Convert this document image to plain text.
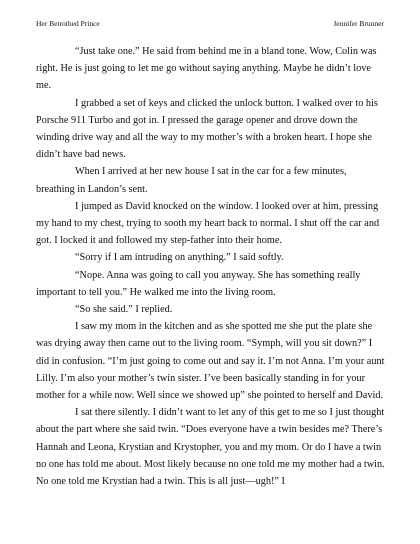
Her Betrothed Prince	Jennifer Brunner

“Just take one.” He said from behind me in a bland tone. Wow, Colin was right. He is just going to let me go without saying anything. Maybe he didn’t love me.

I grabbed a set of keys and clicked the unlock button. I walked over to his Porsche 911 Turbo and got in. I pressed the garage opener and drove down the winding drive way and all the way to my mother’s with a broken heart. I hope she didn’t have bad news.

When I arrived at her new house I sat in the car for a few minutes, breathing in Landon’s sent.

I jumped as David knocked on the window. I looked over at him, pressing my hand to my chest, trying to sooth my heart back to normal. I shut off the car and got. I locked it and followed my step-father into their home.

“Sorry if I am intruding on anything.” I said softly.

“Nope. Anna was going to call you anyway. She has something really important to tell you.” He walked me into the living room.

“So she said.” I replied.

I saw my mom in the kitchen and as she spotted me she put the plate she was drying away then came out to the living room. “Symph, will you sit down?” I did in confusion. “I’m just going to come out and say it. I’m not Anna. I’m your aunt Lilly. I’m also your mother’s twin sister. I’ve been basically standing in for your mother for a while now. Well since we showed up” she pointed to herself and David.

I sat there silently. I didn’t want to let any of this get to me so I just thought about the part where she said twin. “Does everyone have a twin besides me? There’s Hannah and Leona, Krystian and Krystopher, you and my mom. Or do I have a twin no one has told me about. Most likely because no one told me my mother had a twin. No one told me Krystian had a twin. This is all just—ugh!” I
